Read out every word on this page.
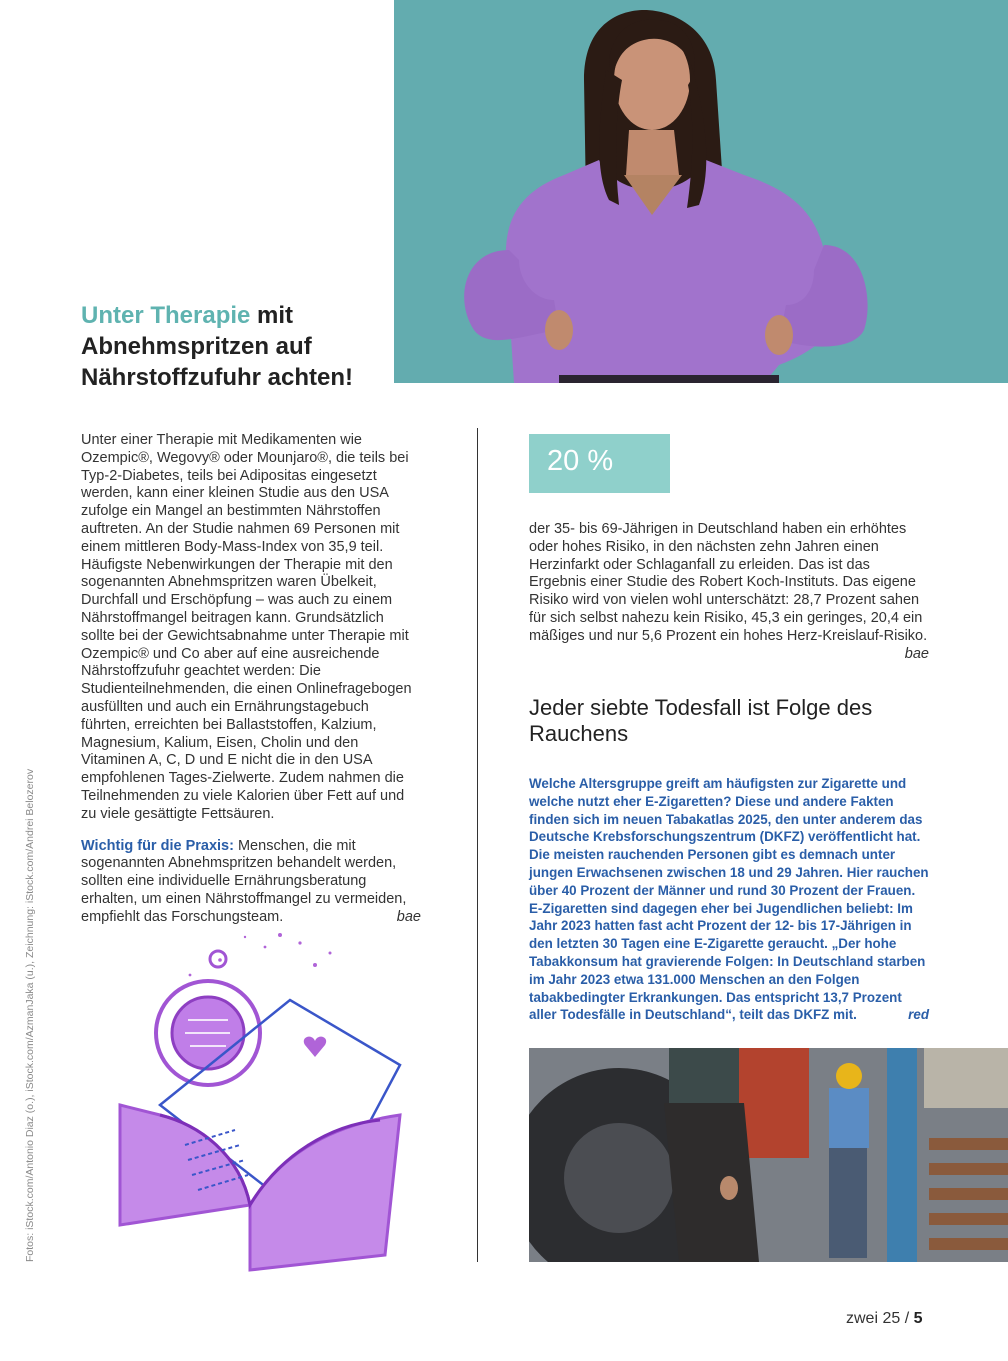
Unter Therapie mit Abnehmspritzen auf Nährstoffzufuhr achten!

Unter einer Therapie mit Medikamenten wie Ozempic®, Wegovy® oder Mounjaro®, die teils bei Typ-2-Diabetes, teils bei Adipositas eingesetzt werden, kann einer kleinen Studie aus den USA zufolge ein Mangel an bestimmten Nährstoffen auftreten. An der Studie nahmen 69 Personen mit einem mittleren Body-Mass-Index von 35,9 teil. Häufigste Nebenwirkungen der Therapie mit den sogenannten Abnehmspritzen waren Übelkeit, Durchfall und Erschöpfung – was auch zu einem Nährstoffmangel beitragen kann. Grundsätzlich sollte bei der Gewichtsabnahme unter Therapie mit Ozempic® und Co aber auf eine ausreichende Nährstoffzufuhr geachtet werden: Die Studienteilnehmenden, die einen Onlinefragebogen ausfüllten und auch ein Ernährungstagebuch führten, erreichten bei Ballaststoffen, Kalzium, Magnesium, Kalium, Eisen, Cholin und den Vitaminen A, C, D und E nicht die in den USA empfohlenen Tages-Zielwerte. Zudem nahmen die Teilnehmenden zu viele Kalorien über Fett auf und zu viele gesättigte Fettsäuren.

Wichtig für die Praxis: Menschen, die mit sogenannten Abnehmspritzen behandelt werden, sollten eine individuelle Ernährungsberatung erhalten, um einen Nährstoffmangel zu vermeiden, empfiehlt das Forschungsteam.	bae

Fotos: iStock.com/Antonio Diaz (o.), iStock.com/AzmanJaka (u.), Zeichnung: iStock.com/Andrei Belozerov
20 %
der 35- bis 69-Jährigen in Deutschland haben ein erhöhtes oder hohes Risiko, in den nächsten zehn Jahren einen Herzinfarkt oder Schlaganfall zu erleiden. Das ist das Ergebnis einer Studie des Robert Koch-Instituts. Das eigene Risiko wird von vielen wohl unterschätzt: 28,7 Prozent sahen für sich selbst nahezu kein Risiko, 45,3 ein geringes, 20,4 ein mäßiges und nur 5,6 Prozent ein hohes Herz-Kreislauf-Risiko.
bae
Jeder siebte Todesfall ist Folge des Rauchens
Welche Altersgruppe greift am häufigsten zur Zigarette und welche nutzt eher E-Zigaretten? Diese und andere Fakten finden sich im neuen Tabakatlas 2025, den unter anderem das Deutsche Krebsforschungszentrum (DKFZ) veröffentlicht hat. Die meisten rauchenden Personen gibt es demnach unter jungen Erwachsenen zwischen 18 und 29 Jahren. Hier rauchen über 40 Prozent der Männer und rund 30 Prozent der Frauen. E-Zigaretten sind dagegen eher bei Jugendlichen beliebt: Im Jahr 2023 hatten fast acht Prozent der 12- bis 17-Jährigen in den letzten 30 Tagen eine E-Zigarette geraucht. „Der hohe Tabakkonsum hat gravierende Folgen: In Deutschland starben im Jahr 2023 etwa 131.000 Menschen an den Folgen tabakbedingter Erkrankungen. Das entspricht 13,7 Prozent aller Todesfälle in Deutschland“, teilt das DKFZ mit.	red
zwei 25 / 5
